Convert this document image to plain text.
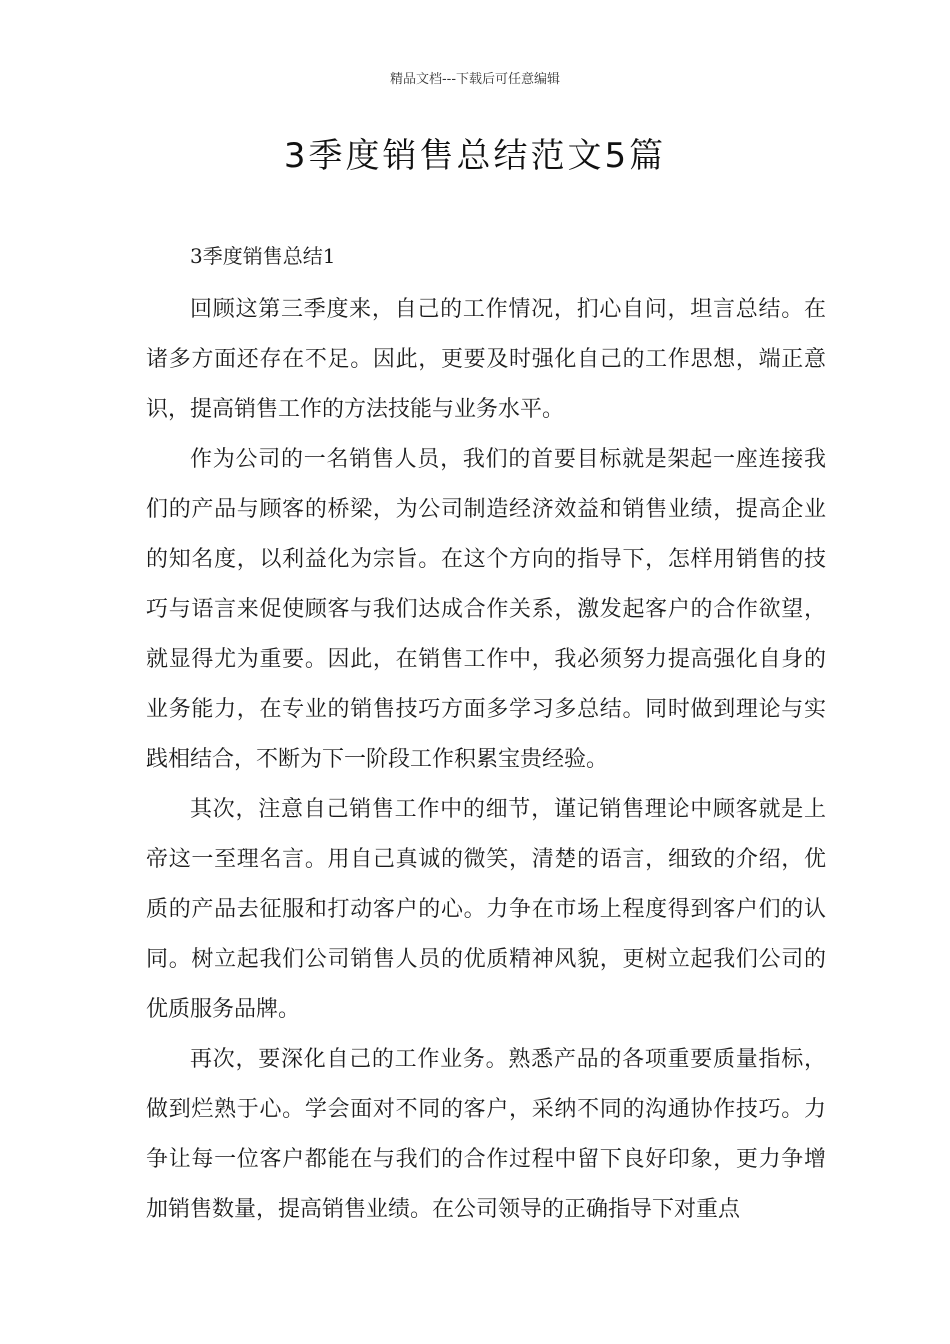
精品文档---下载后可任意编辑
3季度销售总结范文5篇
3季度销售总结1

回顾这第三季度来，自己的工作情况，扪心自问，坦言总结。在诸多方面还存在不足。因此，更要及时强化自己的工作思想，端正意识，提高销售工作的方法技能与业务水平。

作为公司的一名销售人员，我们的首要目标就是架起一座连接我们的产品与顾客的桥梁，为公司制造经济效益和销售业绩，提高企业的知名度，以利益化为宗旨。在这个方向的指导下，怎样用销售的技巧与语言来促使顾客与我们达成合作关系，激发起客户的合作欲望，就显得尤为重要。因此，在销售工作中，我必须努力提高强化自身的业务能力，在专业的销售技巧方面多学习多总结。同时做到理论与实践相结合，不断为下一阶段工作积累宝贵经验。

其次，注意自己销售工作中的细节，谨记销售理论中顾客就是上帝这一至理名言。用自己真诚的微笑，清楚的语言，细致的介绍，优质的产品去征服和打动客户的心。力争在市场上程度得到客户们的认同。树立起我们公司销售人员的优质精神风貌，更树立起我们公司的优质服务品牌。

再次，要深化自己的工作业务。熟悉产品的各项重要质量指标，做到烂熟于心。学会面对不同的客户，采纳不同的沟通协作技巧。力争让每一位客户都能在与我们的合作过程中留下良好印象，更力争增加销售数量，提高销售业绩。在公司领导的正确指导下对重点
